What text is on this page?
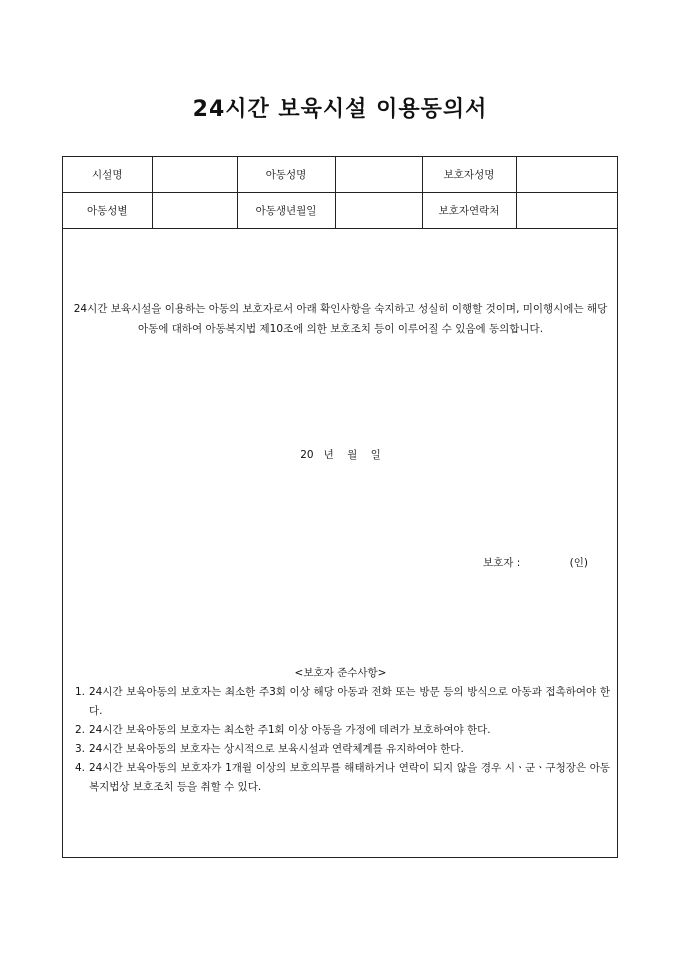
24시간 보육시설 이용동의서
시설명		아동성명		보호자성명	
아동성별		아동생년월일		보호자연락처	

24시간 보육시설을 이용하는 아동의 보호자로서 아래 확인사항을 숙지하고 성실히 이행할 것이며, 미이행시에는 해당 아동에 대하여 아동복지법 제10조에 의한 보호조치 등이 이루어질 수 있음에 동의합니다.

20 년 월 일
보호자 :	(인)
<보호자 준수사항>
1. 24시간 보육아동의 보호자는 최소한 주3회 이상 해당 아동과 전화 또는 방문 등의 방식으로 아동과 접촉하여야 한다.
2. 24시간 보육아동의 보호자는 최소한 주1회 이상 아동을 가정에 데려가 보호하여야 한다.
3. 24시간 보육아동의 보호자는 상시적으로 보육시설과 연락체계를 유지하여야 한다.
4. 24시간 보육아동의 보호자가 1개월 이상의 보호의무를 해태하거나 연락이 되지 않을 경우 시ㆍ군ㆍ구청장은 아동복지법상 보호조치 등을 취할 수 있다.
